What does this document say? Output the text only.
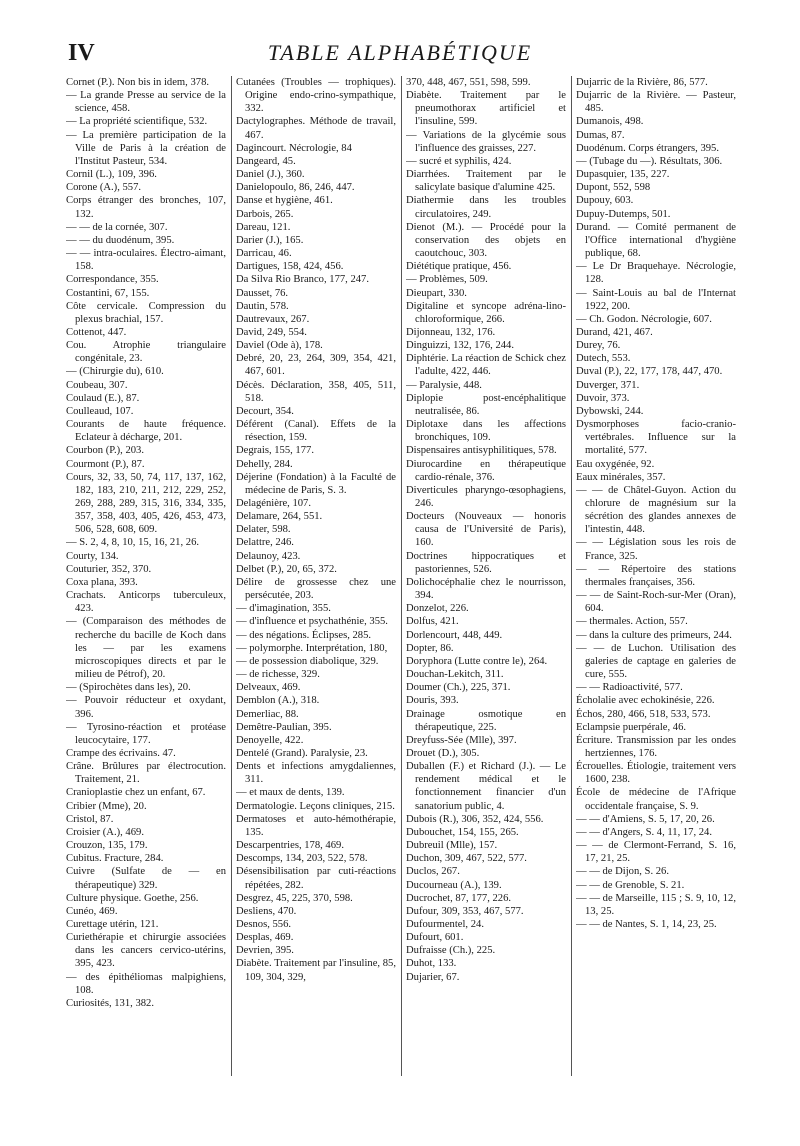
IV	TABLE ALPHABÉTIQUE
Cornet (P.). Non bis in idem, 378.
— La grande Presse au service de la science, 458.
— La propriété scientifique, 532.
— La première participation de la Ville de Paris à la création de l'Institut Pasteur, 534.
Cornil (L.), 109, 396.
Corone (A.), 557.
Corps étranger des bronches, 107, 132.
— — de la cornée, 307.
— — du duodénum, 395.
— — intra-oculaires. Électro-aimant, 158.
Correspondance, 355.
Costantini, 67, 155.
Côte cervicale. Compression du plexus brachial, 157.
Cottenot, 447.
Cou. Atrophie triangulaire congénitale, 23.
— (Chirurgie du), 610.
Coubeau, 307.
Coulaud (E.), 87.
Coulleaud, 107.
Courants de haute fréquence. Eclateur à décharge, 201.
Courbon (P.), 203.
Courmont (P.), 87.
Cours, 32, 33, 50, 74, 117, 137, 162, 182, 183, 210, 211, 212, 229, 252, 269, 288, 289, 315, 316, 334, 335, 357, 358, 403, 405, 426, 453, 473, 506, 528, 608, 609.
— S. 2, 4, 8, 10, 15, 16, 21, 26.
Courty, 134.
Couturier, 352, 370.
Coxa plana, 393.
Crachats. Anticorps tuberculeux, 423.
— (Comparaison des méthodes de recherche du bacille de Koch dans les — par les examens microscopiques directs et par le milieu de Pétrof), 20.
— (Spirochètes dans les), 20.
— Pouvoir réducteur et oxydant, 396.
— Tyrosino-réaction et protéase leucocytaire, 177.
Crampe des écrivains. 47.
Crâne. Brûlures par électrocution. Traitement, 21.
Cranioplastie chez un enfant, 67.
Cribier (Mme), 20.
Cristol, 87.
Croisier (A.), 469.
Crouzon, 135, 179.
Cubitus. Fracture, 284.
Cuivre (Sulfate de — en thérapeutique) 329.
Culture physique. Goethe, 256.
Cunéo, 469.
Curettage utérin, 121.
Curiethérapie et chirurgie associées dans les cancers cervico-utérins, 395, 423.
— des épithéliomas malpighiens, 108.
Curiosités, 131, 382.
Cutanées (Troubles — trophiques). Origine endo-crino-sympathique, 332.
Dactylographes. Méthode de travail, 467.
Dagincourt. Nécrologie, 84
Dangeard, 45.
Daniel (J.), 360.
Danielopoulo, 86, 246, 447.
Danse et hygiène, 461.
Darbois, 265.
Dareau, 121.
Darier (J.), 165.
Darricau, 46.
Dartigues, 158, 424, 456.
Da Silva Rio Branco, 177, 247.
Dausset, 76.
Dautin, 578.
Dautrevaux, 267.
David, 249, 554.
Daviel (Ode à), 178.
Debré, 20, 23, 264, 309, 354, 421, 467, 601.
Décès. Déclaration, 358, 405, 511, 518.
Decourt, 354.
Déférent (Canal). Effets de la résection, 159.
Degrais, 155, 177.
Dehelly, 284.
Déjerine (Fondation) à la Faculté de médecine de Paris, S. 3.
Delagénière, 107.
Delamare, 264, 551.
Delater, 598.
Delattre, 246.
Delaunoy, 423.
Delbet (P.), 20, 65, 372.
Délire de grossesse chez une persécutée, 203.
— d'imagination, 355.
— d'influence et psychathénie, 355.
— des négations. Éclipses, 285.
— polymorphe. Interprétation, 180,
— de possession diabolique, 329.
— de richesse, 329.
Delveaux, 469.
Demblon (A.), 318.
Demerliac, 88.
Demêtre-Paulian, 395.
Denoyelle, 422.
Dentelé (Grand). Paralysie, 23.
Dents et infections amygdaliennes, 311.
— et maux de dents, 139.
Dermatologie. Leçons cliniques, 215.
Dermatoses et auto-hémothérapie, 135.
Descarpentries, 178, 469.
Descomps, 134, 203, 522, 578.
Désensibilisation par cuti-réactions répétées, 282.
Desgrez, 45, 225, 370, 598.
Desliens, 470.
Desnos, 556.
Desplas, 469.
Devrien, 395.
Diabète. Traitement par l'insuline, 85, 109, 304, 329,
370, 448, 467, 551, 598, 599.
Diabète. Traitement par le pneumothorax artificiel et l'insuline, 599.
— Variations de la glycémie sous l'influence des graisses, 227.
— sucré et syphilis, 424.
Diarrhées. Traitement par le salicylate basique d'alumine 425.
Diathermie dans les troubles circulatoires, 249.
Dienot (M.). — Procédé pour la conservation des objets en caoutchouc, 303.
Diététique pratique, 456.
— Problèmes, 509.
Dieupart, 330.
Digitaline et syncope adréna-lino-chloroformique, 266.
Dijonneau, 132, 176.
Dinguizzi, 132, 176, 244.
Diphtérie. La réaction de Schick chez l'adulte, 422, 446.
— Paralysie, 448.
Diplopie post-encéphalitique neutralisée, 86.
Diplotaxe dans les affections bronchiques, 109.
Dispensaires antisyphilitiques, 578.
Diurocardine en thérapeutique cardio-rénale, 376.
Diverticules pharyngo-œsophagiens, 246.
Docteurs (Nouveaux — honoris causa de l'Université de Paris), 160.
Doctrines hippocratiques et pastoriennes, 526.
Dolichocéphalie chez le nourrisson, 394.
Donzelot, 226.
Dolfus, 421.
Dorlencourt, 448, 449.
Dopter, 86.
Doryphora (Lutte contre le), 264.
Douchan-Lekitch, 311.
Doumer (Ch.), 225, 371.
Douris, 393.
Drainage osmotique en thérapeutique, 225.
Dreyfuss-Sée (Mlle), 397.
Drouet (D.), 305.
Duballen (F.) et Richard (J.). — Le rendement médical et le fonctionnement financier d'un sanatorium public, 4.
Dubois (R.), 306, 352, 424, 556.
Dubouchet, 154, 155, 265.
Dubreuil (Mlle), 157.
Duchon, 309, 467, 522, 577.
Duclos, 267.
Ducourneau (A.), 139.
Ducrochet, 87, 177, 226.
Dufour, 309, 353, 467, 577.
Dufourmentel, 24.
Dufourt, 601.
Dufraisse (Ch.), 225.
Duhot, 133.
Dujarier, 67.
Dujarric de la Rivière, 86, 577.
Dujarric de la Rivière. — Pasteur, 485.
Dumanois, 498.
Dumas, 87.
Duodénum. Corps étrangers, 395.
— (Tubage du —). Résultats, 306.
Dupasquier, 135, 227.
Dupont, 552, 598
Dupouy, 603.
Dupuy-Dutemps, 501.
Durand. — Comité permanent de l'Office international d'hygiène publique, 68.
— Le Dr Braquehaye. Nécrologie, 128.
— Saint-Louis au bal de l'Internat 1922, 200.
— Ch. Godon. Nécrologie, 607.
Durand, 421, 467.
Durey, 76.
Dutech, 553.
Duval (P.), 22, 177, 178, 447, 470.
Duverger, 371.
Duvoir, 373.
Dybowski, 244.
Dysmorphoses facio-cranio-vertébrales. Influence sur la mortalité, 577.
Eau oxygénée, 92.
Eaux minérales, 357.
— — de Châtel-Guyon. Action du chlorure de magnésium sur la sécrétion des glandes annexes de l'intestin, 448.
— — Législation sous les rois de France, 325.
— — Répertoire des stations thermales françaises, 356.
— — de Saint-Roch-sur-Mer (Oran), 604.
— thermales. Action, 557.
— dans la culture des primeurs, 244.
— — de Luchon. Utilisation des galeries de captage en galeries de cure, 555.
— — Radioactivité, 577.
Écholalie avec echokinésie, 226.
Échos, 280, 466, 518, 533, 573.
Eclampsie puerpérale, 46.
Écriture. Transmission par les ondes hertziennes, 176.
Écrouelles. Étiologie, traitement vers 1600, 238.
École de médecine de l'Afrique occidentale française, S. 9.
— — d'Amiens, S. 5, 17, 20, 26.
— — d'Angers, S. 4, 11, 17, 24.
— — de Clermont-Ferrand, S. 16, 17, 21, 25.
— — de Dijon, S. 26.
— — de Grenoble, S. 21.
— — de Marseille, 115 ; S. 9, 10, 12, 13, 25.
— — de Nantes, S. 1, 14, 23, 25.
